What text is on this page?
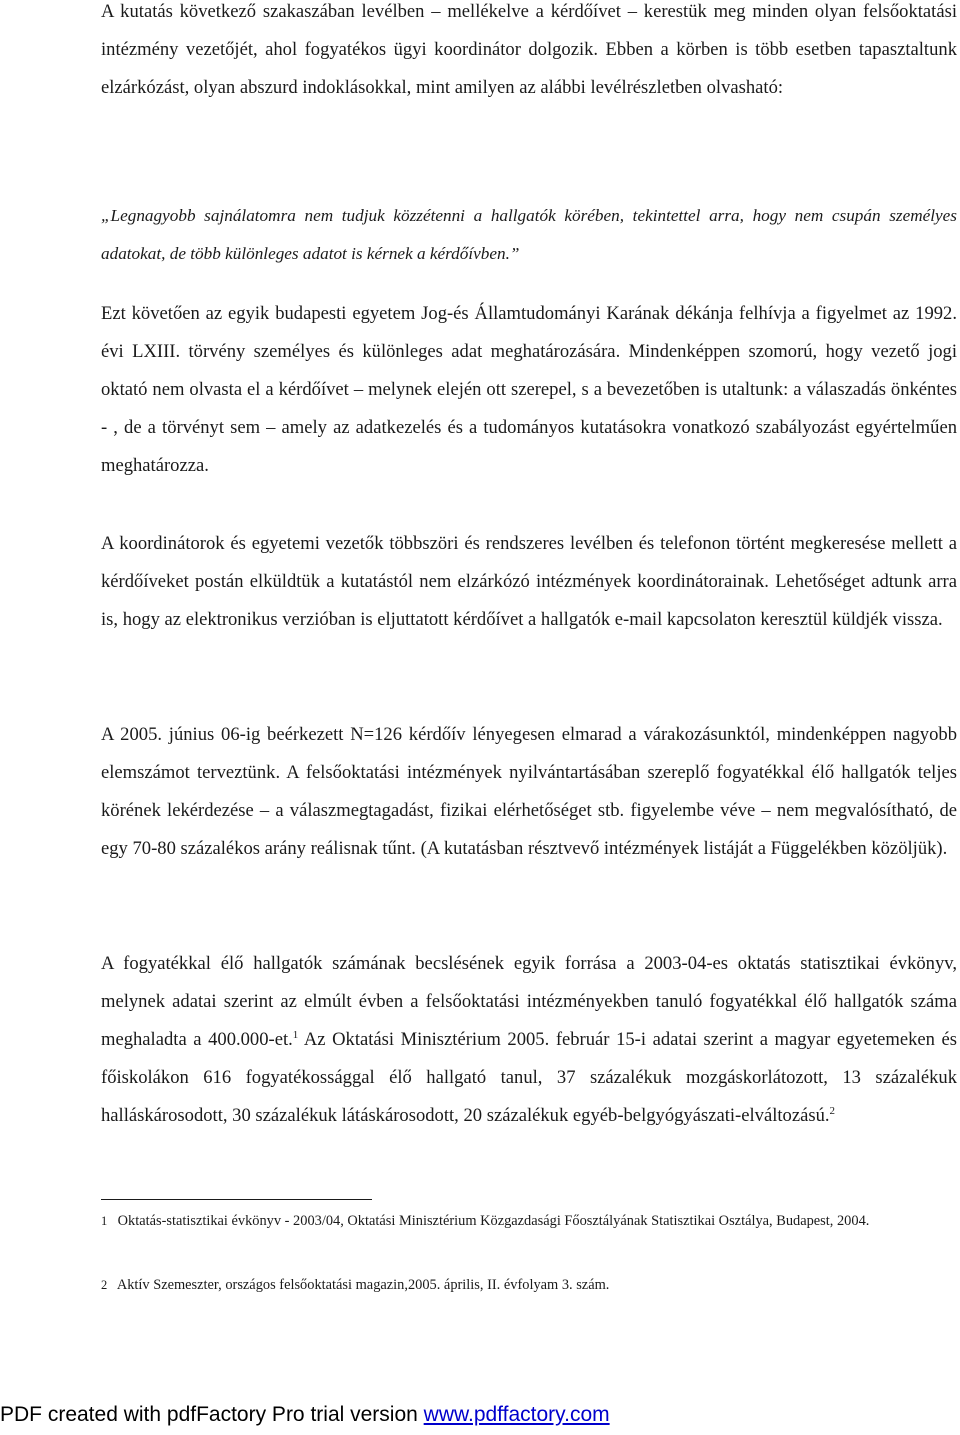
A kutatás következő szakaszában levélben – mellékelve a kérdőívet – kerestük meg minden olyan felsőoktatási intézmény vezetőjét, ahol fogyatékos ügyi koordinátor dolgozik. Ebben a körben is több esetben tapasztaltunk elzárkózást, olyan abszurd indoklásokkal, mint amilyen az alábbi levélrészletben olvasható:

„Legnagyobb sajnálatomra nem tudjuk közzétenni a hallgatók körében, tekintettel arra, hogy nem csupán személyes adatokat, de több különleges adatot is kérnek a kérdőívben.”

Ezt követően az egyik budapesti egyetem Jog-és Államtudományi Karának dékánja felhívja a figyelmet az 1992. évi LXIII. törvény személyes és különleges adat meghatározására. Mindenképpen szomorú, hogy vezető jogi oktató nem olvasta el a kérdőívet – melynek elején ott szerepel, s a bevezetőben is utaltunk: a válaszadás önkéntes - , de a törvényt sem – amely az adatkezelés és a tudományos kutatásokra vonatkozó szabályozást egyértelműen meghatározza.

A koordinátorok és egyetemi vezetők többszöri és rendszeres levélben és telefonon történt megkeresése mellett a kérdőíveket postán elküldtük a kutatástól nem elzárkózó intézmények koordinátorainak. Lehetőséget adtunk arra is, hogy az elektronikus verzióban is eljuttatott kérdőívet a hallgatók e-mail kapcsolaton keresztül küldjék vissza.

A 2005. június 06-ig beérkezett N=126 kérdőív lényegesen elmarad a várakozásunktól, mindenképpen nagyobb elemszámot terveztünk. A felsőoktatási intézmények nyilvántartásában szereplő fogyatékkal élő hallgatók teljes körének lekérdezése – a válaszmegtagadást, fizikai elérhetőséget stb. figyelembe véve – nem megvalósítható, de egy 70-80 százalékos arány reálisnak tűnt. (A kutatásban résztvevő intézmények listáját a Függelékben közöljük).

A fogyatékkal élő hallgatók számának becslésének egyik forrása a 2003-04-es oktatás statisztikai évkönyv, melynek adatai szerint az elmúlt évben a felsőoktatási intézményekben tanuló fogyatékkal élő hallgatók száma meghaladta a 400.000-et.$^1$ Az Oktatási Minisztérium 2005. február 15-i adatai szerint a magyar egyetemeken és főiskolákon 616 fogyatékossággal élő hallgató tanul, 37 százalékuk mozgáskorlátozott, 13 százalékuk halláskárosodott, 30 százalékuk látáskárosodott, 20 százalékuk egyéb-belgyógyászati-elváltozású.$^2$

1 Oktatás-statisztikai évkönyv - 2003/04, Oktatási Minisztérium Közgazdasági Főosztályának Statisztikai Osztálya, Budapest, 2004.

2 Aktív Szemeszter, országos felsőoktatási magazin,2005. április, II. évfolyam 3. szám.

PDF created with pdfFactory Pro trial version www.pdffactory.com
